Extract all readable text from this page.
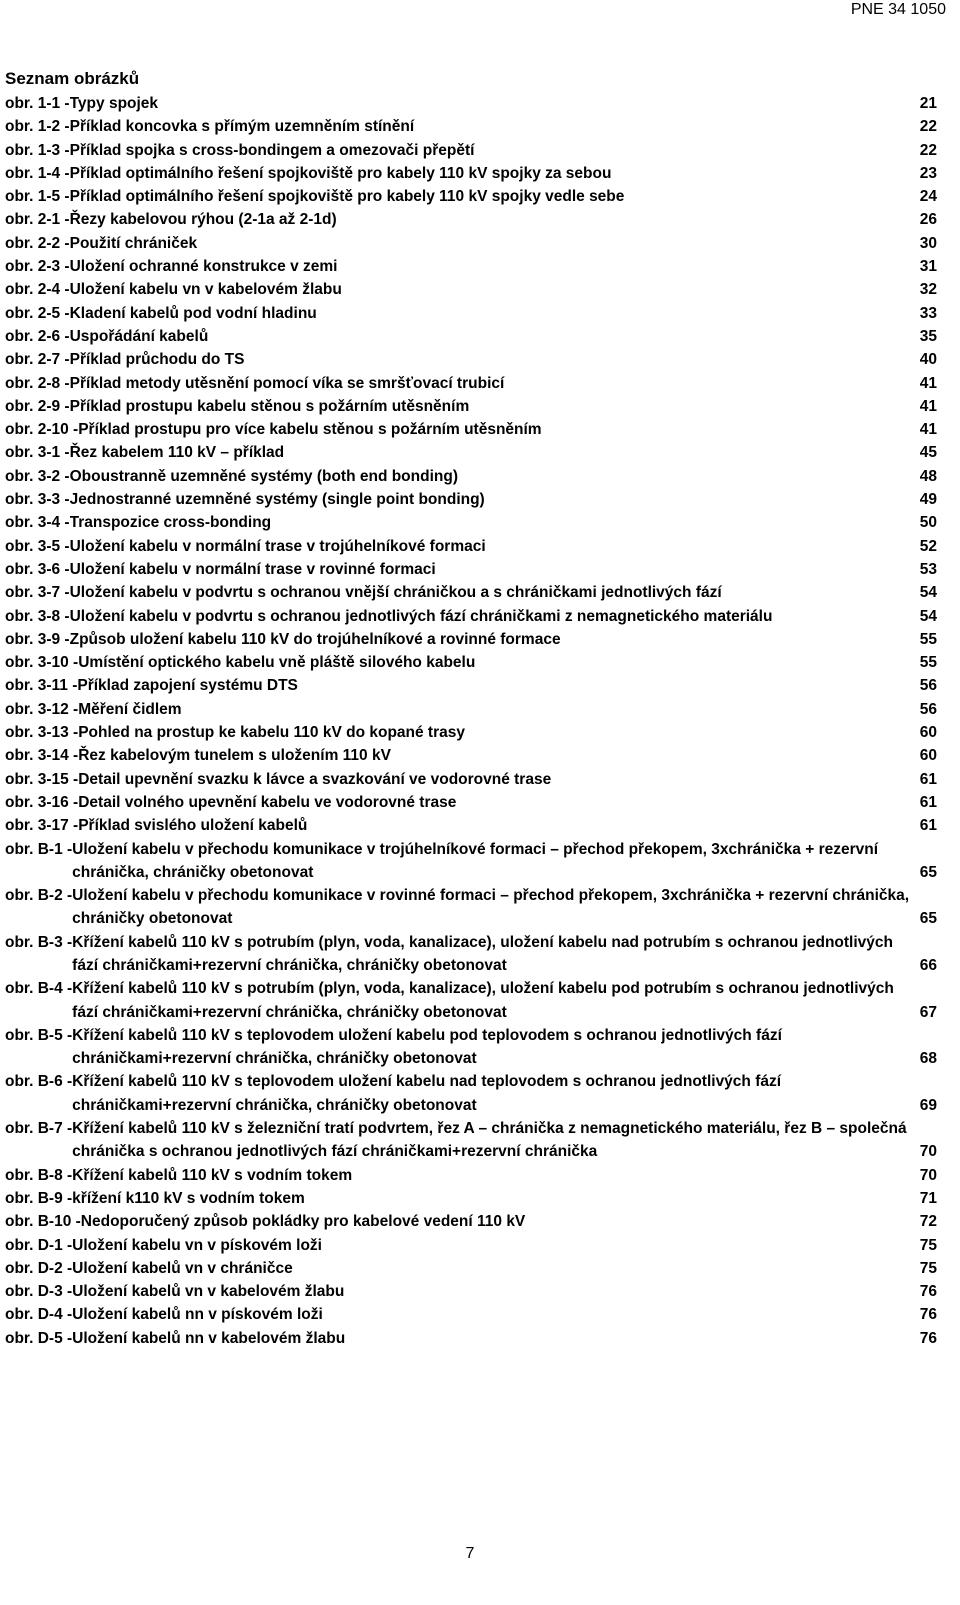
PNE 34 1050
Seznam obrázků
obr. 1-1 - Typy spojek .....	21
obr. 1-2 - Příklad koncovka s přímým uzemněním stínění .....	22
obr. 1-3 - Příklad spojka s cross-bondingem a omezovači přepětí .....	22
obr. 1-4 - Příklad optimálního řešení spojkoviště pro kabely 110 kV spojky za sebou .....	23
obr. 1-5 - Příklad optimálního řešení spojkoviště pro kabely 110 kV spojky vedle sebe .....	24
obr. 2-1 - Řezy kabelovou rýhou (2-1a až 2-1d) .....	26
obr. 2-2 - Použití chrániček .....	30
obr. 2-3 - Uložení ochranné konstrukce v zemi .....	31
obr. 2-4 - Uložení kabelu vn v kabelovém žlabu .....	32
obr. 2-5 - Kladení kabelů pod vodní hladinu .....	33
obr. 2-6 - Uspořádání kabelů .....	35
obr. 2-7 - Příklad průchodu do TS .....	40
obr. 2-8 - Příklad metody utěsnění pomocí víka se smršťovací trubicí .....	41
obr. 2-9 - Příklad prostupu kabelu stěnou s požárním utěsněním .....	41
obr. 2-10 - Příklad prostupu pro více kabelu stěnou s požárním utěsněním .....	41
obr. 3-1 - Řez kabelem 110 kV – příklad .....	45
obr. 3-2 - Oboustranně uzemněné systémy (both end bonding) .....	48
obr. 3-3 - Jednostranné uzemněné systémy (single point bonding) .....	49
obr. 3-4 - Transpozice cross-bonding .....	50
obr. 3-5 - Uložení kabelu v normální trase v trojúhelníkové formaci .....	52
obr. 3-6 - Uložení kabelu v normální trase v rovinné formaci .....	53
obr. 3-7 - Uložení kabelu v podvrtu s ochranou vnější chráničkou a s chráničkami jednotlivých fází .....	54
obr. 3-8 - Uložení kabelu v podvrtu s ochranou jednotlivých fází chráničkami z nemagnetického materiálu .....	54
obr. 3-9 - Způsob uložení kabelu 110 kV do trojúhelníkové a rovinné formace .....	55
obr. 3-10 - Umístění optického kabelu vně pláště silového kabelu .....	55
obr. 3-11 - Příklad zapojení systému DTS .....	56
obr. 3-12 - Měření čidlem .....	56
obr. 3-13 - Pohled na prostup ke kabelu 110 kV do kopané trasy .....	60
obr. 3-14 - Řez kabelovým tunelem s uložením 110 kV .....	60
obr. 3-15 - Detail upevnění svazku k lávce a svazkování ve vodorovné trase .....	61
obr. 3-16 - Detail volného upevnění kabelu ve vodorovné trase .....	61
obr. 3-17 - Příklad svislého uložení kabelů .....	61
obr. B-1 - Uložení kabelu v přechodu komunikace v trojúhelníkové formaci – přechod překopem, 3xchránička + rezervní chránička, chráničky obetonovat .....	65
obr. B-2 - Uložení kabelu v přechodu komunikace v rovinné formaci – přechod překopem, 3xchránička + rezervní chránička, chráničky obetonovat .....	65
obr. B-3 - Křížení kabelů 110 kV s potrubím (plyn, voda, kanalizace), uložení kabelu nad potrubím s ochranou jednotlivých fází chráničkami+rezervní chránička, chráničky obetonovat .....	66
obr. B-4 - Křížení kabelů 110 kV s potrubím (plyn, voda, kanalizace), uložení kabelu pod potrubím s ochranou jednotlivých fází chráničkami+rezervní chránička, chráničky obetonovat .....	67
obr. B-5 - Křížení kabelů 110 kV s teplovodem uložení kabelu pod teplovodem s ochranou jednotlivých fází chráničkami+rezervní chránička, chráničky obetonovat .....	68
obr. B-6 - Křížení kabelů 110 kV s teplovodem uložení kabelu nad teplovodem s ochranou jednotlivých fází chráničkami+rezervní chránička, chráničky obetonovat .....	69
obr. B-7 - Křížení kabelů 110 kV s železniční tratí podvrtem, řez A – chránička z nemagnetického materiálu, řez B – společná chránička s ochranou jednotlivých fází chráničkami+rezervní chránička .....	70
obr. B-8 - Křížení kabelů 110 kV s vodním tokem .....	70
obr. B-9 - křížení k110 kV s vodním tokem .....	71
obr. B-10 - Nedoporučený způsob pokládky pro kabelové vedení 110 kV .....	72
obr. D-1 - Uložení kabelu vn v pískovém loži .....	75
obr. D-2 - Uložení kabelů vn v chráničce .....	75
obr. D-3 - Uložení kabelů vn v kabelovém žlabu .....	76
obr. D-4 - Uložení kabelů nn v pískovém loži .....	76
obr. D-5 - Uložení kabelů nn v kabelovém žlabu .....	76
7
